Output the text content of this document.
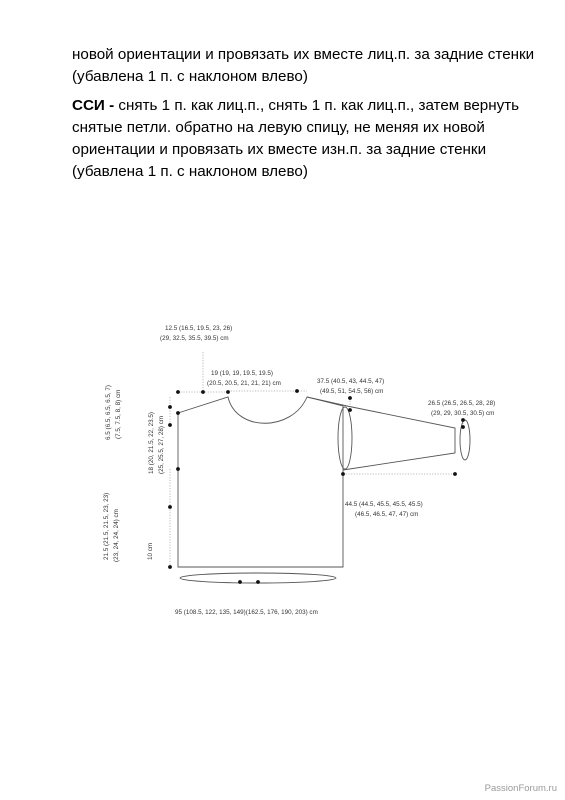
новой ориентации и провязать их вместе лиц.п. за задние стенки (убавлена 1 п. с наклоном влево)

ССИ - снять 1 п. как лиц.п., снять 1 п. как лиц.п., затем вернуть снятые петли. обратно на левую спицу, не меняя их новой ориентации и провязать их вместе изн.п. за задние стенки (убавлена 1 п. с наклоном влево)

12.5 (16.5, 19.5, 23, 26)
(29, 32.5, 35.5, 39.5) cm
19 (19, 19, 19.5, 19.5)
(20.5, 20.5, 21, 21, 21) cm	37.5 (40.5, 43, 44.5, 47)
(49.5, 51, 54.5, 56) cm
26.5 (26.5, 26.5, 28, 28)
(29, 29, 30.5, 30.5) cm
44.5 (44.5, 45.5, 45.5, 45.5)
(46.5, 46.5, 47, 47) cm
95 (108.5, 122, 135, 149)(162.5, 176, 190, 203) cm
6.5 (6.5, 6.5, 6.5, 7) (7.5, 7.5, 8, 8) cm	18 (20, 21.5, 22, 23.5) (25, 25.5, 27, 28) cm
21.5 (21.5, 21.5, 23, 23) (23, 24, 24, 24) cm	10 cm
PassionForum.ru
